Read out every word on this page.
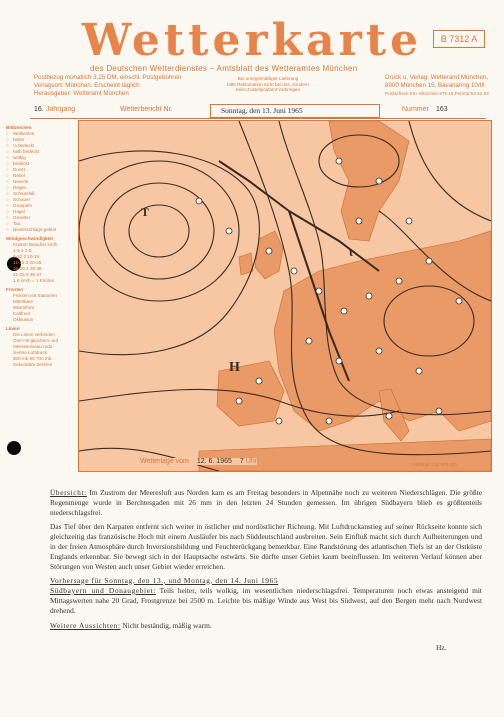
Wetterkarte	B 7312 A
des Deutschen Wetterdienstes – Amtsblatt des Wetteramtes München
Postbezug monatlich 3,25 DM, einschl. Postgebühren
Verlagsort: München. Erscheint täglich
Herausgeber: Wetteramt München
Bei unregelmäßiger Lieferung
bitte Reklamation nicht bei uns, sondern
beim Zustellpostamt vorbringen
Druck u. Verlag: Wetteramt München,
8000 München 15, Bavariaring 10/III
Postscheck Kto. München 875 15 Fernruf 53 52 53
16. Jahrgang	Wetterbericht Nr.	Sonntag, den 13. Juni 1965	Nummer 163
Bildzeichen
○ Wolkenlos
○ heiter
○ ¼ bedeckt
○ halb bedeckt
○ wolkig
○ bedeckt
○ Dunst
○ Nebel
○ Nieseln
○ Regen
○ Schneefall
○ Schauer
○ Graupeln
○ Hagel
○ Gewitter
○ Tau
○ Niederschlags-gebiet
Windgeschwindigkeit
Knoten Beaufort km/h
1-5 1 1-9
6-10 2 10-19
11-15 3 20-28
16-20 4 29-38
21-25 5 39-47
1,6 km/h = 1 Knoten
Fronten
Fronten mit Stationen
Mittelbare
Warmfront
Kaltfront
Okklusion
Linien
Die Linien verbinden
Orte mit gleichem, auf
Meeresniveau redu-
zierten Luftdruck
500 mb 60 700 mb
Sekundäre Zentren
T
H
t
Wetterlage vom 12. 6. 1965 7 Uhr	Maßstab 1:50 000 000

Übersicht: Im Zustrom der Meeresluft aus Norden kam es am Freitag besonders in Alpennähe noch zu weiteren Niederschlägen. Die größte Regenmenge wurde in Berchtesgaden mit 26 mm in den letzten 24 Stunden gemessen. Im übrigen Südbayern blieb es größtenteils niederschlagsfrei.

Das Tief über den Karpaten entfernt sich weiter in östlicher und nordöstlicher Richtung. Mit Luftdruckanstieg auf seiner Rückseite konnte sich gleichzeitig das französische Hoch mit einem Ausläufer bis nach Süddeutschland ausbreiten. Sein Einfluß macht sich durch Aufheiterungen und in der freien Atmosphäre durch Inversionsbildung und Feuchterückgang bemerkbar. Eine Randstörung des atlantischen Tiefs ist an der Ostküste Englands erkennbar. Sie bewegt sich in der Hauptsache ostwärts. Sie dürfte unser Gebiet kaum beeinflussen. Im weiteren Verlauf können aber Störungen von Westen auch unser Gebiet wieder erreichen.

Vorhersage für Sonntag, den 13., und Montag, den 14. Juni 1965

Südbayern und Donaugebiet: Teils heiter, teils wolkig, im wesentlichen niederschlagsfrei. Temperaturen noch etwas ansteigend mit Mittagswerten nahe 20 Grad, Frostgrenze bei 2500 m. Leichte bis mäßige Winde aus West bis Südwest, auf den Bergen mehr nach Nordwest drehend.

Weitere Aussichten: Nicht beständig, mäßig warm.

Hz.
